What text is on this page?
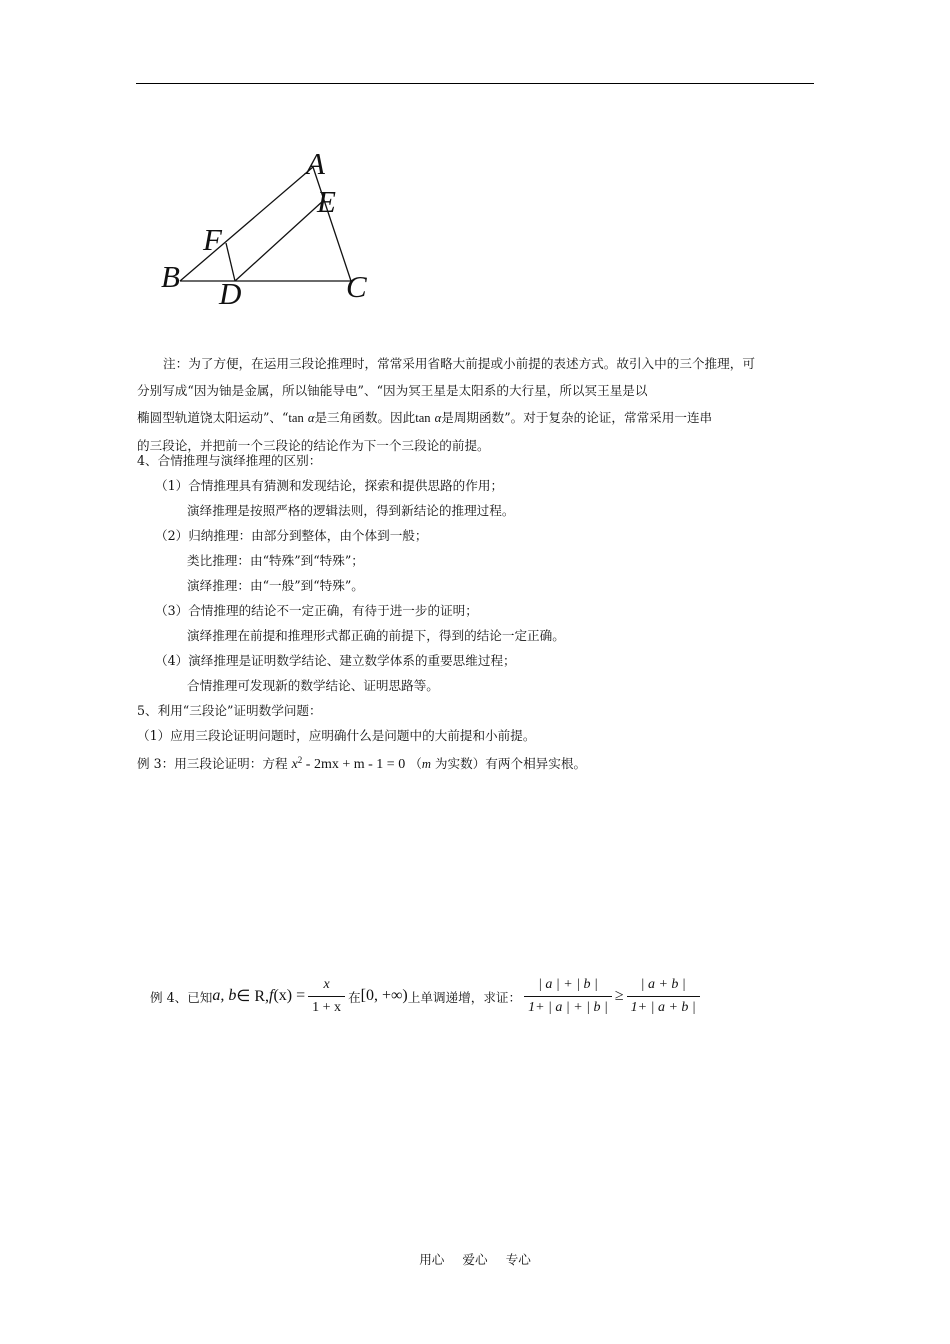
A
E
F
B D	C
注：为了方便，在运用三段论推理时，常常采用省略大前提或小前提的表述方式。故引入中的三个推理，可
分别写成“因为铀是金属，所以铀能导电”、“因为冥王星是太阳系的大行星，所以冥王星是以
椭圆型轨道饶太阳运动”、“tan α是三角函数。因此tan α是周期函数”。对于复杂的论证，常常采用一连串
的三段论，并把前一个三段论的结论作为下一个三段论的前提。
4、合情推理与演绎推理的区别：
（1）合情推理具有猜测和发现结论，探索和提供思路的作用；
演绎推理是按照严格的逻辑法则，得到新结论的推理过程。
（2）归纳推理：由部分到整体，由个体到一般；
类比推理：由“特殊”到“特殊”；
演绎推理：由“一般”到“特殊”。
（3）合情推理的结论不一定正确，有待于进一步的证明；
演绎推理在前提和推理形式都正确的前提下，得到的结论一定正确。
（4）演绎推理是证明数学结论、建立数学体系的重要思维过程；
合情推理可发现新的数学结论、证明思路等。
5、利用“三段论”证明数学问题：
（1）应用三段论证明问题时，应明确什么是问题中的大前提和小前提。
例 3：用三段论证明：方程 $x^2 - 2mx + m - 1 = 0$ （m 为实数）有两个相异实根。
例 4、已知 a, b ∈ R, f $(x) = \frac{x}{1 + x}$ 在 [0, +∞) 上单调递增，求证： $\frac{| a | + | b |}{1+ | a | + | b |} \ge \frac{| a + b |}{1+ | a + b |}$
用心 爱心 专心
